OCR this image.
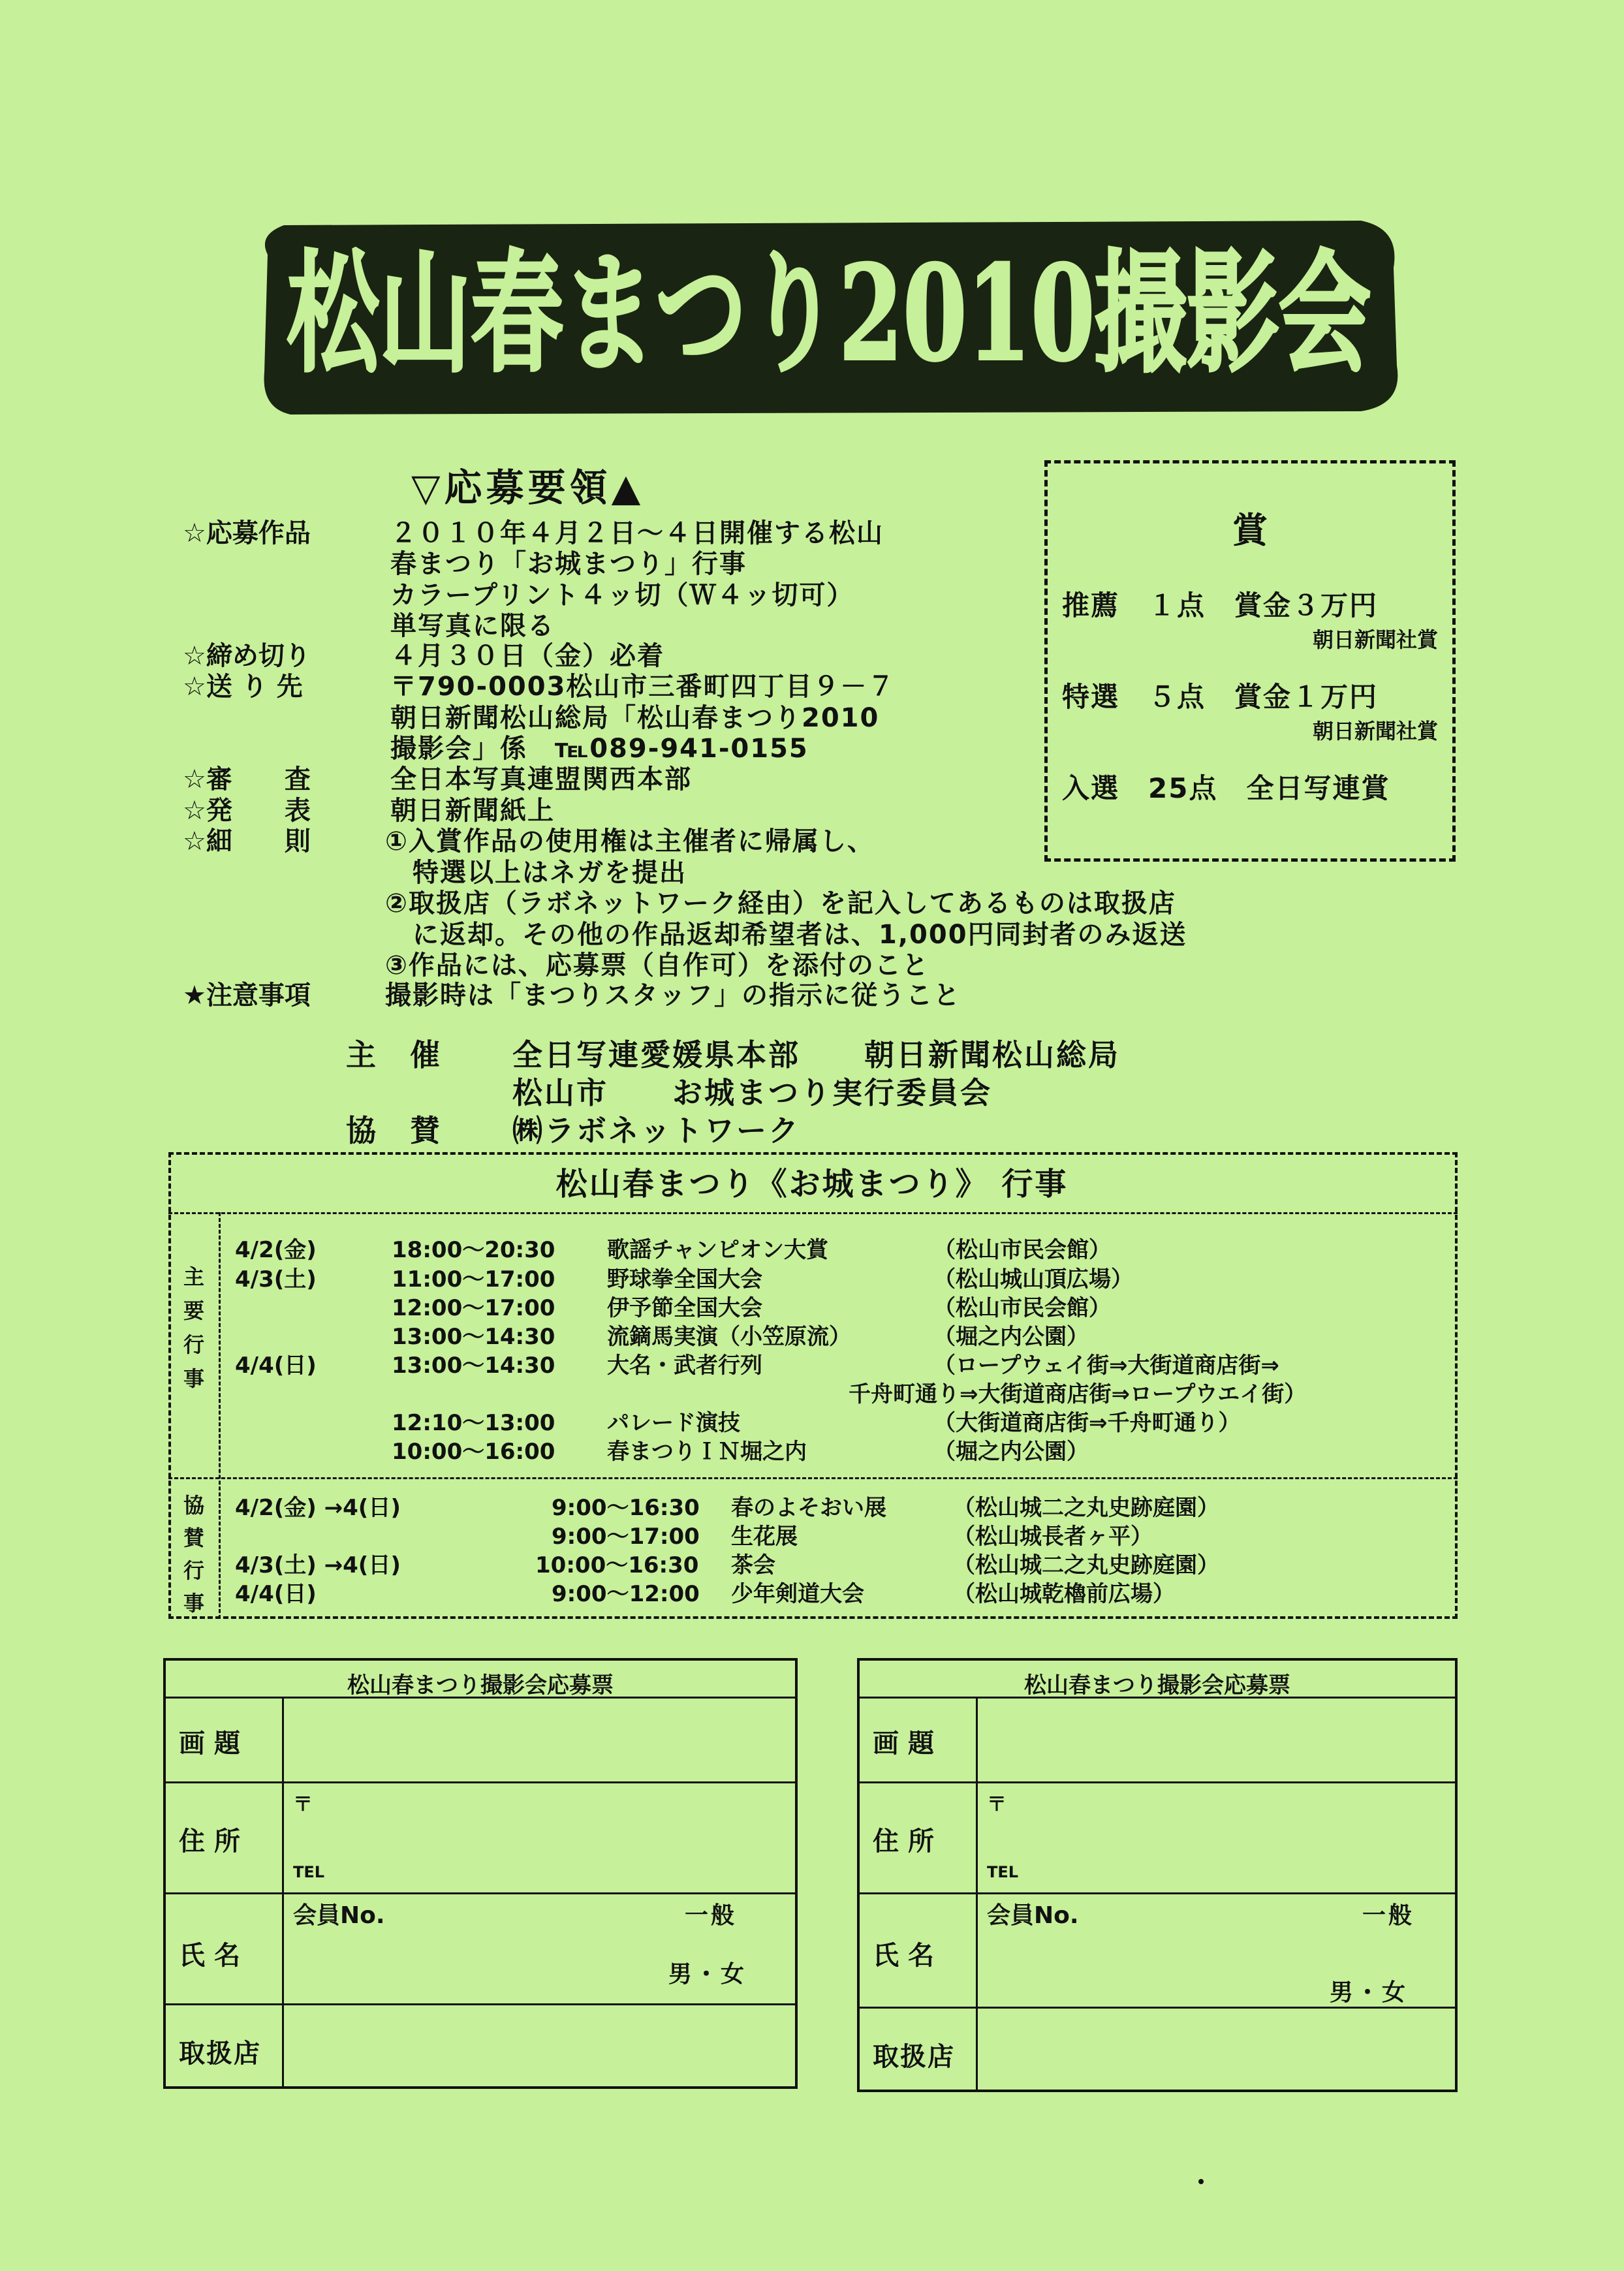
松山春まつり2010撮影会
▽応募要領▲
☆応募作品	２０１０年４月２日～４日開催する松山
春まつり「お城まつり」行事
カラープリント４ッ切（Ｗ４ッ切可）
単写真に限る
☆締め切り	４月３０日（金）必着
☆送 り 先	〒790-0003松山市三番町四丁目９－７
朝日新聞松山総局「松山春まつり2010
撮影会」係　℡089-941-0155
☆審　　査	全日本写真連盟関西本部
☆発　　表	朝日新聞紙上
☆細　　則	①入賞作品の使用権は主催者に帰属し、
　特選以上はネガを提出
②取扱店（ラボネットワーク経由）を記入してあるものは取扱店
　に返却。その他の作品返却希望者は、1,000円同封者のみ返送
③作品には、応募票（自作可）を添付のこと
★注意事項	撮影時は「まつりスタッフ」の指示に従うこと
賞
推薦　１点　賞金３万円
朝日新聞社賞
特選　５点　賞金１万円
朝日新聞社賞
入選　25点　全日写連賞
主　催 全日写連愛媛県本部　　朝日新聞松山総局
松山市　　お城まつり実行委員会
協　賛 ㈱ラボネットワーク
松山春まつり《お城まつり》 行事
主
要
行
事
協
賛
行
事
4/2(金)	18:00～20:30 歌謡チャンピオン大賞	（松山市民会館）
4/3(土)	11:00～17:00 野球拳全国大会	（松山城山頂広場）
12:00～17:00 伊予節全国大会	（松山市民会館）
13:00～14:30 流鏑馬実演（小笠原流）	（堀之内公園）
4/4(日)	13:00～14:30 大名・武者行列	（ロープウェイ街⇒大街道商店街⇒
千舟町通り⇒大街道商店街⇒ロープウエイ街）
12:10～13:00 パレード演技	（大街道商店街⇒千舟町通り）
10:00～16:00 春まつりＩＮ堀之内	（堀之内公園）
4/2(金) →4(日)	9:00～16:30 春のよそおい展	（松山城二之丸史跡庭園）
9:00～17:00 生花展	（松山城長者ヶ平）
4/3(土) →4(日)	10:00～16:30 茶会	（松山城二之丸史跡庭園）
4/4(日)	9:00～12:00 少年剣道大会	（松山城乾櫓前広場）
松山春まつり撮影会応募票
画題
住所
〒
TEL
氏名
会員No.	一般
男・女
取扱店
松山春まつり撮影会応募票
画題
住所
〒
TEL
氏名
会員No.	一般
男・女
取扱店
